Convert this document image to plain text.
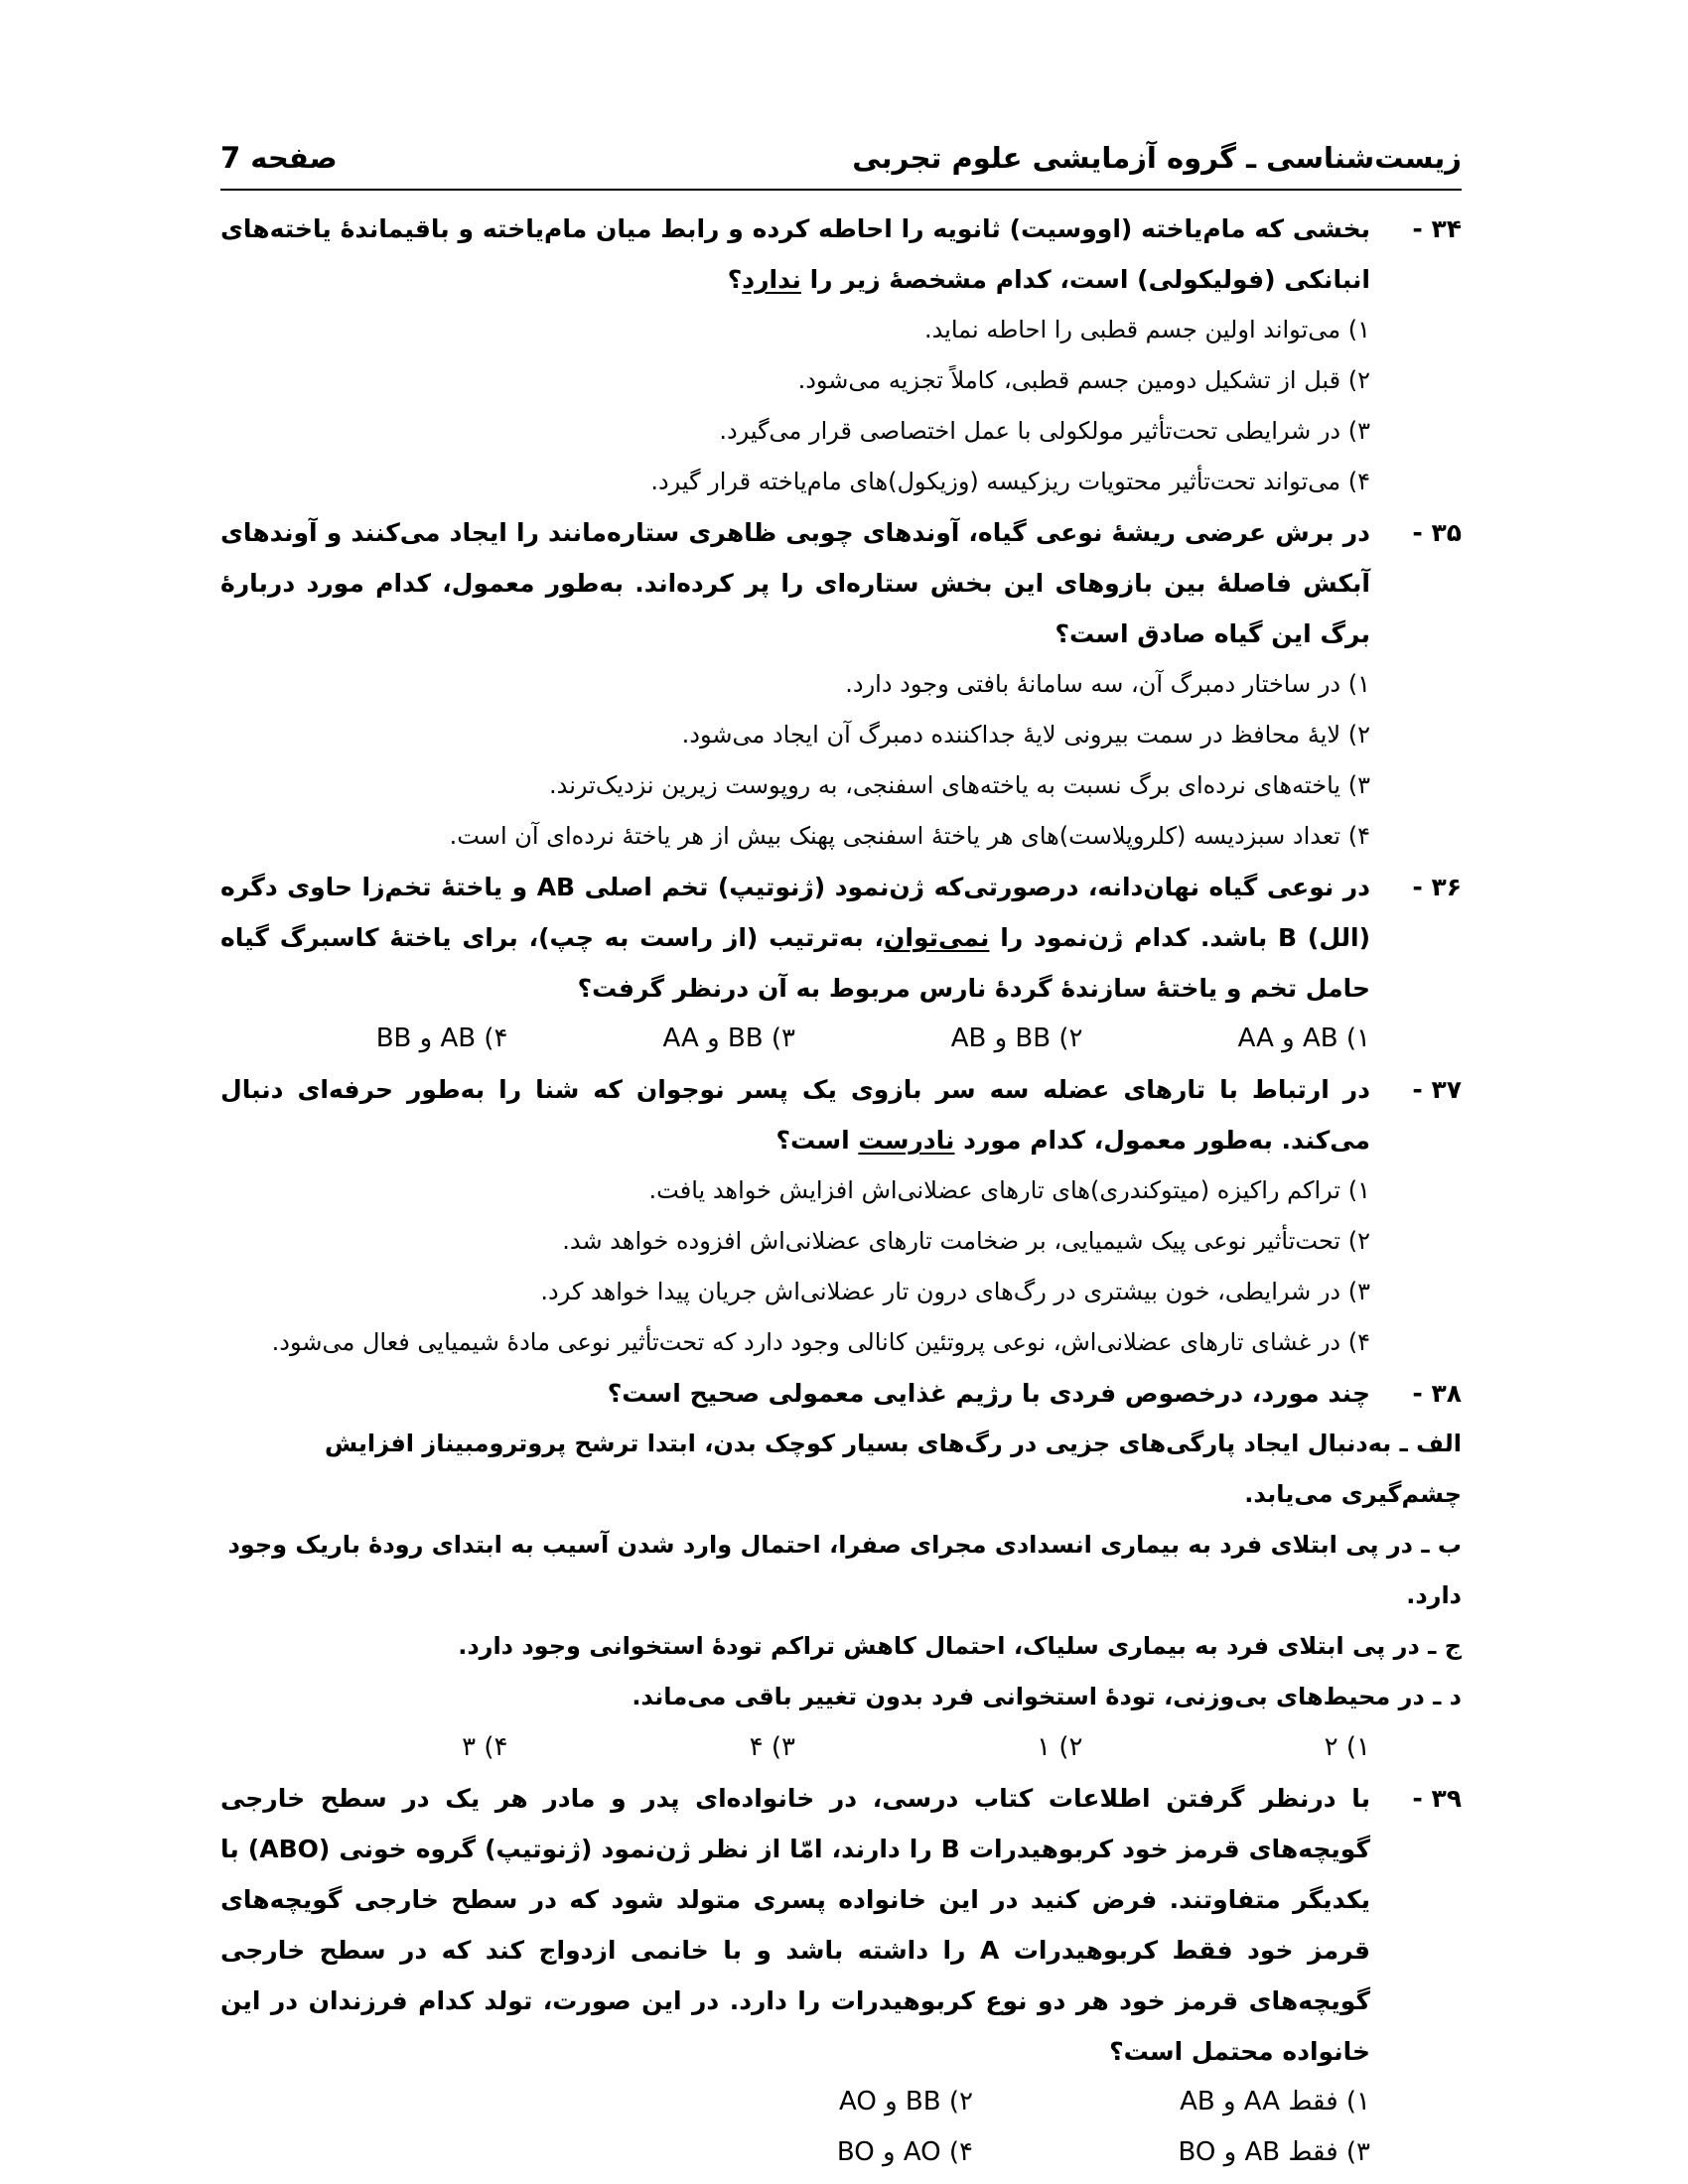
زیست‌شناسی ـ گروه آزمایشی علوم تجربی
صفحه 7
۳۴ -
بخشی که مام‌یاخته (اووسیت) ثانویه را احاطه کرده و رابط میان مام‌یاخته و باقیماندهٔ یاخته‌های انبانکی (فولیکولی) است، کدام مشخصهٔ زیر را ندارد؟
۱) می‌تواند اولین جسم قطبی را احاطه نماید.
۲) قبل از تشکیل دومین جسم قطبی، کاملاً تجزیه می‌شود.
۳) در شرایطی تحت‌تأثیر مولکولی با عمل اختصاصی قرار می‌گیرد.
۴) می‌تواند تحت‌تأثیر محتویات ریزکیسه (وزیکول)های مام‌یاخته قرار گیرد.
۳۵ -
در برش عرضی ریشهٔ نوعی گیاه، آوندهای چوبی ظاهری ستاره‌مانند را ایجاد می‌کنند و آوندهای آبکش فاصلهٔ بین بازوهای این بخش ستاره‌ای را پر کرده‌اند. به‌طور معمول، کدام مورد دربارهٔ برگ این گیاه صادق است؟
۱) در ساختار دمبرگ آن، سه سامانهٔ بافتی وجود دارد.
۲) لایهٔ محافظ در سمت بیرونی لایهٔ جداکننده دمبرگ آن ایجاد می‌شود.
۳) یاخته‌های نرده‌ای برگ نسبت به یاخته‌های اسفنجی، به روپوست زیرین نزدیک‌ترند.
۴) تعداد سبزدیسه (کلروپلاست)های هر یاختهٔ اسفنجی پهنک بیش از هر یاختهٔ نرده‌ای آن است.
۳۶ -
در نوعی گیاه نهان‌دانه، درصورتی‌که ژن‌نمود (ژنوتیپ) تخم اصلی AB و یاختهٔ تخم‌زا حاوی دگره (الل) B باشد. کدام ژن‌نمود را نمی‌توان، به‌ترتیب (از راست به چپ)، برای یاختهٔ کاسبرگ گیاه حامل تخم و یاختهٔ سازندهٔ گردهٔ نارس مربوط به آن درنظر گرفت؟
۱) AB و AA
۲) BB و AB
۳) BB و AA
۴) AB و BB
۳۷ -
در ارتباط با تارهای عضله سه سر بازوی یک پسر نوجوان که شنا را به‌طور حرفه‌ای دنبال می‌کند. به‌طور معمول، کدام مورد نادرست است؟
۱) تراکم راکیزه (میتوکندری)های تارهای عضلانی‌اش افزایش خواهد یافت.
۲) تحت‌تأثیر نوعی پیک شیمیایی، بر ضخامت تارهای عضلانی‌اش افزوده خواهد شد.
۳) در شرایطی، خون بیشتری در رگ‌های درون تار عضلانی‌اش جریان پیدا خواهد کرد.
۴) در غشای تارهای عضلانی‌اش، نوعی پروتئین کانالی وجود دارد که تحت‌تأثیر نوعی مادهٔ شیمیایی فعال می‌شود.
۳۸ -
چند مورد، درخصوص فردی با رژیم غذایی معمولی صحیح است؟
الف ـ به‌دنبال ایجاد پارگی‌های جزیی در رگ‌های بسیار کوچک بدن، ابتدا ترشح پروترومبیناز افزایش چشم‌گیری می‌یابد.
ب ـ در پی ابتلای فرد به بیماری انسدادی مجرای صفرا، احتمال وارد شدن آسیب به ابتدای رودهٔ باریک وجود دارد.
ج ـ در پی ابتلای فرد به بیماری سلیاک، احتمال کاهش تراکم تودهٔ استخوانی وجود دارد.
د ـ در محیط‌های بی‌وزنی، تودهٔ استخوانی فرد بدون تغییر باقی می‌ماند.
۱) ۲
۲) ۱
۳) ۴
۴) ۳
۳۹ -
با درنظر گرفتن اطلاعات کتاب درسی، در خانواده‌ای پدر و مادر هر یک در سطح خارجی گویچه‌های قرمز خود کربوهیدرات B را دارند، امّا از نظر ژن‌نمود (ژنوتیپ) گروه خونی (ABO) با یکدیگر متفاوتند. فرض کنید در این خانواده پسری متولد شود که در سطح خارجی گویچه‌های قرمز خود فقط کربوهیدرات A را داشته باشد و با خانمی ازدواج کند که در سطح خارجی گویچه‌های قرمز خود هر دو نوع کربوهیدرات را دارد. در این صورت، تولد کدام فرزندان در این خانواده محتمل است؟
۱) فقط AA و AB
۲) BB و AO
۳) فقط AB و BO
۴) AO و BO
